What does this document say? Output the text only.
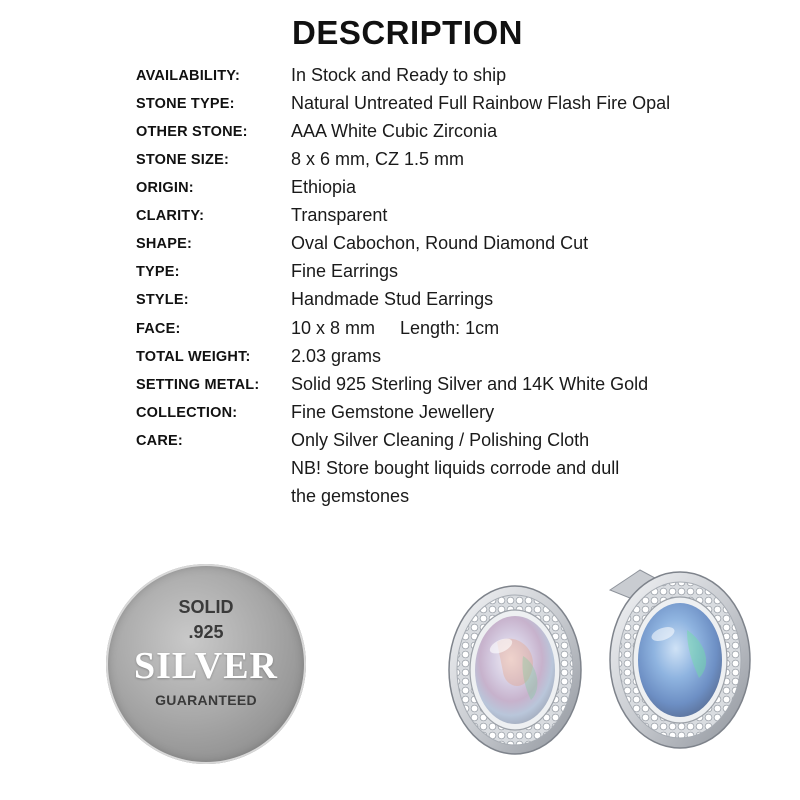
DESCRIPTION
AVAILABILITY:	In Stock and Ready to ship
STONE TYPE:	Natural Untreated Full Rainbow Flash Fire Opal
OTHER STONE: AAA White Cubic Zirconia
STONE SIZE:	8 x 6 mm, CZ 1.5 mm
ORIGIN:	Ethiopia
CLARITY:	Transparent
SHAPE:	Oval Cabochon, Round Diamond Cut
TYPE:	Fine Earrings
STYLE:	Handmade Stud Earrings
FACE:	10 x 8 mm     Length: 1cm
TOTAL WEIGHT: 2.03 grams
SETTING METAL: Solid 925 Sterling Silver and 14K White Gold
COLLECTION:	Fine Gemstone Jewellery
CARE:	Only Silver Cleaning / Polishing Cloth
NB! Store bought liquids corrode and dull
the gemstones
SOLID
.925
SILVER
GUARANTEED
